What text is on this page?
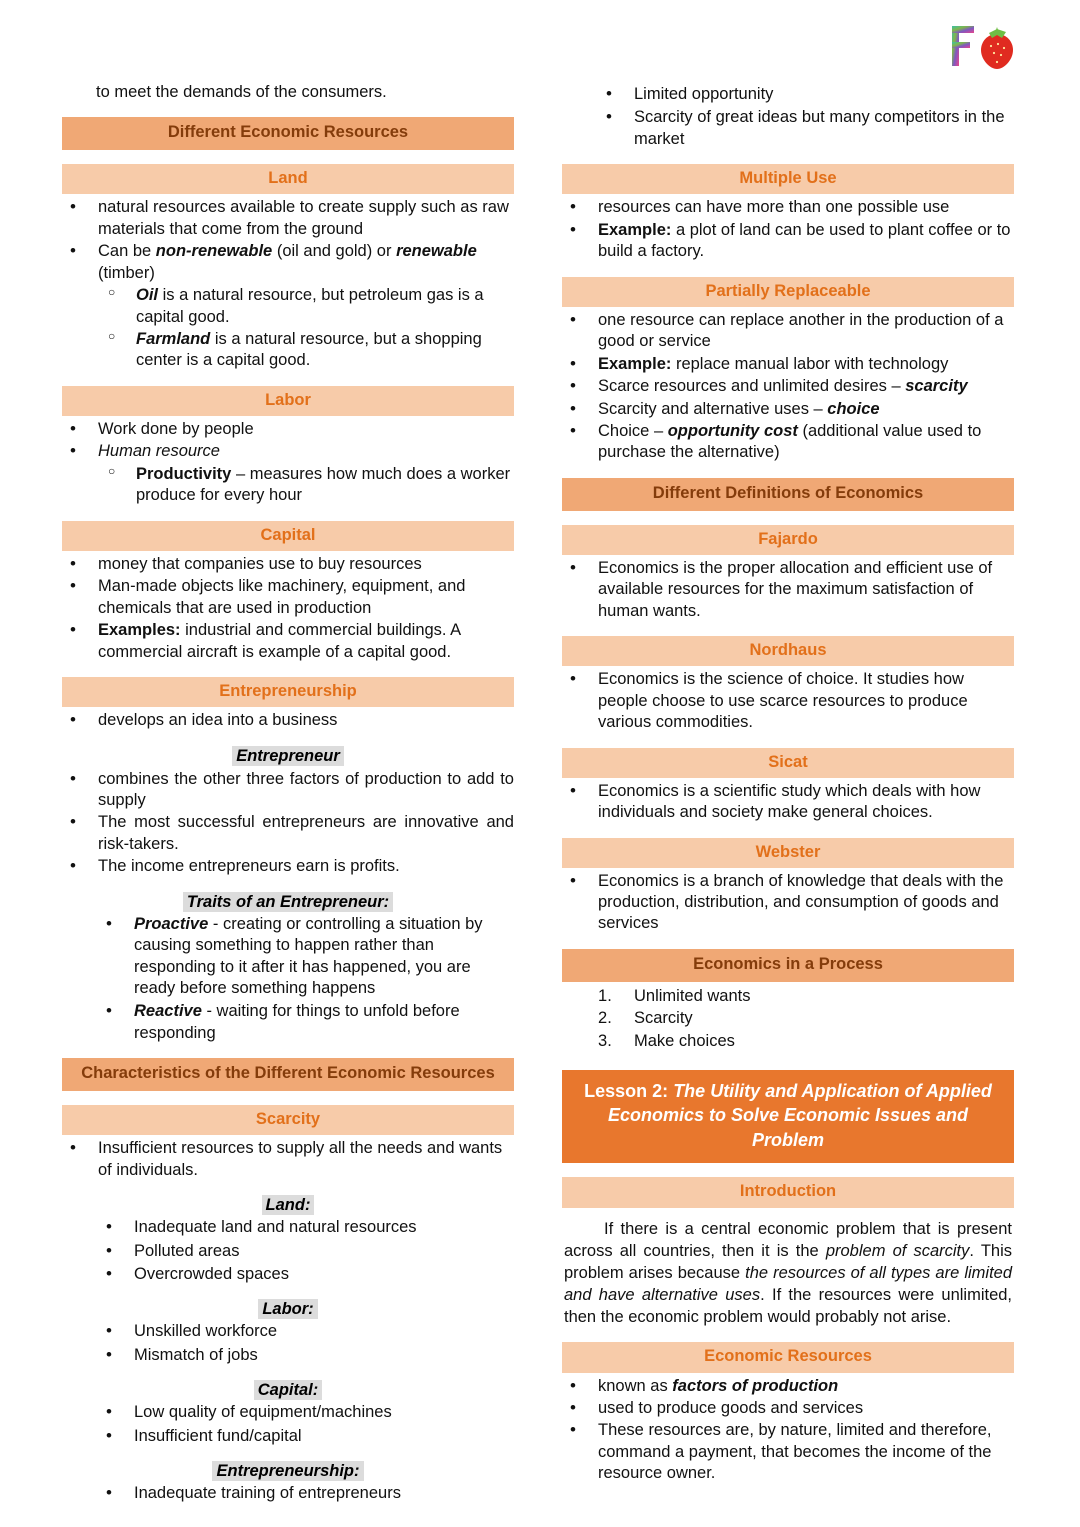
to meet the demands of the consumers.
Different Economic Resources
Land
• natural resources available to create supply such as raw materials that come from the ground
• Can be non-renewable (oil and gold) or renewable (timber)
○ Oil is a natural resource, but petroleum gas is a capital good.
○ Farmland is a natural resource, but a shopping center is a capital good.
Labor
• Work done by people
• Human resource
○ Productivity – measures how much does a worker produce for every hour
Capital
• money that companies use to buy resources
• Man-made objects like machinery, equipment, and chemicals that are used in production
• Examples: industrial and commercial buildings. A commercial aircraft is example of a capital good.
Entrepreneurship
• develops an idea into a business
Entrepreneur
• combines the other three factors of production to add to supply
• The most successful entrepreneurs are innovative and risk-takers.
• The income entrepreneurs earn is profits.
Traits of an Entrepreneur:
• Proactive - creating or controlling a situation by causing something to happen rather than responding to it after it has happened, you are ready before something happens
• Reactive - waiting for things to unfold before responding
Characteristics of the Different Economic Resources
Scarcity
• Insufficient resources to supply all the needs and wants of individuals.
Land:
• Inadequate land and natural resources
• Polluted areas
• Overcrowded spaces
Labor:
• Unskilled workforce
• Mismatch of jobs
Capital:
• Low quality of equipment/machines
• Insufficient fund/capital
Entrepreneurship:
• Inadequate training of entrepreneurs
• Limited opportunity
• Scarcity of great ideas but many competitors in the market
Multiple Use
• resources can have more than one possible use
• Example: a plot of land can be used to plant coffee or to build a factory.
Partially Replaceable
• one resource can replace another in the production of a good or service
• Example: replace manual labor with technology
• Scarce resources and unlimited desires – scarcity
• Scarcity and alternative uses – choice
• Choice – opportunity cost (additional value used to purchase the alternative)
Different Definitions of Economics
Fajardo
• Economics is the proper allocation and efficient use of available resources for the maximum satisfaction of human wants.
Nordhaus
• Economics is the science of choice. It studies how people choose to use scarce resources to produce various commodities.
Sicat
• Economics is a scientific study which deals with how individuals and society make general choices.
Webster
• Economics is a branch of knowledge that deals with the production, distribution, and consumption of goods and services
Economics in a Process
Unlimited wants
Scarcity
Make choices
Lesson 2: The Utility and Application of Applied Economics to Solve Economic Issues and Problem
Introduction

If there is a central economic problem that is present across all countries, then it is the problem of scarcity. This problem arises because the resources of all types are limited and have alternative uses. If the resources were unlimited, then the economic problem would probably not arise.

Economic Resources
• known as factors of production
• used to produce goods and services
• These resources are, by nature, limited and therefore, command a payment, that becomes the income of the resource owner.
